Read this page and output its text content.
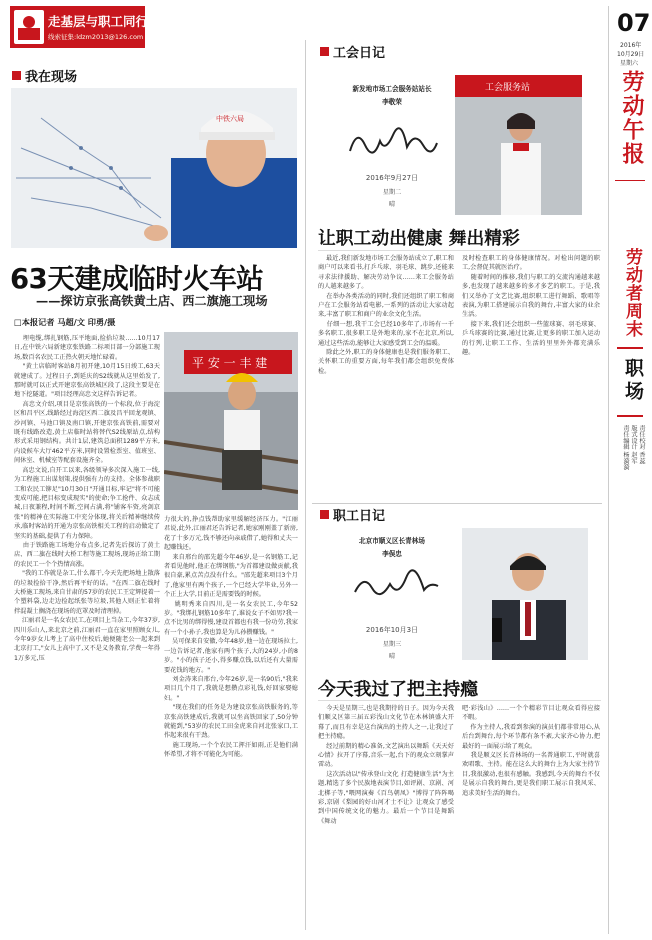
走基层与职工同行
线索征集:ldzm2013@126.com
我在现场
中铁六局
63天建成临时火车站
——探访京张高铁黄土店、西二旗施工现场
□本报记者 马超/文 印勇/摄
埋电缆,绑扎钢筋,压平地面,捡拾垃圾……10月17日,在中铁六局新建京张铁路二标项目部一分部施工现场,数百名农民工正热火朝天地忙碌着。
"黄土店临时客站8月初开建,10月15日竣工,63天就建成了。过程日子,到延庆的S2线就从这里始发了,那时就可以正式开建京张高铁城区段了,这段主要是在地下挖隧道。"项目经理高忠文这样告诉记者。
高忠文介绍,项目是京张高铁的一个标段,位于海淀区和昌平区,线路经过海淀区西二旗及昌平回龙观镇、沙河镇、马池口镇及南口镇,开建京张高铁前,需要对既有线路改造,黄土店临时站将替代S2线原站点,结构形式采用钢结构。共计1层,建筑总面积1289平方米,内设候车大厅462平方米,同时设置检票室、值班室、间休室、机械室等配套设施齐全。
高忠文说,自开工以来,各级领导多次深入施工一线,为工程施工出谋划策,提供强有力的支持。全体参战职工和农民工铆足"10月30日"开通目标,牢记"将不可能变成可能,把目标变成现实"的使命;争工抢件、众志成城,日夜兼程,时间不断,空间占满,将"铺客车资,亮剑京张"的精神在实际施工中充分体现,将关后精神继续传承,临时客站的开通为京张高铁相关工程的启动做定了坚实的基础,提供了有力保障。
由于铁路施工场地分布点多,记者先后探访了黄土店、西二旗在线时大桥工程等施工现场,现场正给工期的农民工一个个热情高涨。
"我的工作就是杂工,什么都干,今天先把场地上散落的垃圾捡拾干净,然后再平好的话。"在西二旗在线时大桥施工现场,来自甘肃的57岁的农民工王定辉提着一个塑料袋,边走边捡起纸张等垃圾,其他人则正忙着将拌混凝土搁浇在现场的范罩及时清理掉。
江丽君是一名女农民工,在项目上当杂工,今年37岁,四川乐山人,来北京之前,江丽君一直在家里照顾女儿,今年9岁女儿考上了高中住校后,她便随老公一起来到北京打工,"女儿上高中了,又不是义务教育,学费一年得1万多元,压
平 安 一 丰 建
力很大的,挣点钱帮助家里缓解经济压力。"江丽君说,此外,江丽君还告诉记者,她家刚刚盖了新房,花了十多万元,钱不够还向亲戚借了,她得和丈夫一起赚钱还。
来自邢台的邵先超今年46岁,是一名钢筋工,记者看见他时,他正在绑钢筋,"为首都建设做贡献,我很自豪,累点苦点没有什么。"邵先超来项目3个月了,他家里有两个孩子,一个已经大学毕业,另外一个正上大学,目前正是需要钱的时候。
姚明秀来自四川,是一名女农民工,今年52岁。"我绑扎钢筋10多年了,谁说女子不如男?我一点不比男的绑得慢,建设首都也有我一份功劳,我家有一个小孙子,我也算是为儿孙攒赚钱。"
吴可保来自安徽,今年48岁,他一边在现场拉土,一边告诉记者,他家有两个孩子,大的24岁,小的8岁。"小的孩子还小,得多赚点钱,以后还有大量需要花钱的地方。"
刘金涛来自邢台,今年26岁,是一名90后,"我来项目几个月了,我就是想攒点彩礼钱,好回家娶媳妇。"
"现在我们的任务是为建设京张高铁服务的,等京张高铁建成后,我就可以坐高铁回家了,50分钟就能到,"53岁的农民工田金虎来自河北张家口,工作起来很有干劲。
施工现场,一个个农民工挥汗如雨,正是他们满怀希望,才将不可能化为可能。
工会日记
新发地市场工会服务站站长
李敬荣
2016年9月27日
星期二
晴
工会服务站
让职工动出健康 舞出精彩
最近,我们新发地市场工会服务站成立了,职工和商户可以来看书,打乒乓球、羽毛球、跳步,还能来寻求法律援助、解决劳动争议……来工会服务站的人越来越多了。
在举办各类活动的同时,我们还组织了职工和商户在工会服务站看电影,一系列的活动让大家动起来,丰富了职工和商户的业余文化生活。
仔细一想,我干工会已经10多年了,市场有一千多名职工,很多职工是外地来的,家不在北京,所以,通过这些活动,能够让大家感受到工会的温暖。
除此之外,职工的身体健康也是我们服务职工、关怀职工的重要方面,每年我们都会组织免费体检。
及时检查职工的身体健康情况。对检出问题的职工,会督促其就医治疗。
随着时间的推移,我们与职工的交流沟通越来越多,也发现了越来越多的多才多艺的职工。于是,我们又举办了文艺比赛,组织职工进行舞蹈、歌唱等表演,为职工搭建展示自我的舞台,丰富大家的业余生活。
接下来,我们还会组织一些篮球赛、羽毛球赛、乒乓球赛的比赛,通过比赛,让更多的职工加入运动的行列,让职工工作、生活的里里外外都充满乐趣。
职工日记
北京市顺义区长青林场
李俣忠
2016年10月3日
星期三
晴
今天我过了把主持瘾
今天是星期三,也是我期待的日子。因为今天我们顺义区第三届五彩浅山文化节在木林镇盛大开幕了,而且有幸是这台演出的主持人之一,让我过了把主持瘾。
经过前期的精心准备,文艺演出以舞蹈《天天好心情》拉开了序幕,音乐一起,台下的观众立刻掌声雷动。
这次活动以"传承登山文化 打造健康生活"为主题,精选了多个民族地表演节目,如评剧、京剧、河北梆子等,"喂网演奏《百鸟朝凤》"博得了阵阵喝彩,京剧《梨园的好山河才士不让》让观众了感受到中国传统文化的魅力。最后一个节目是舞蹈《舞动
吧·彩浅山》……一个个精彩节目让观众看得应接不暇。
作为主持人,我看到参演的演员们都非常用心,从后台到舞台,每个环节都有条不紊,大家齐心协力,把最好的一面展示给了观众。
我是顺义区长青林场的一名普通职工,平时就喜欢唱歌、主持。能在这么大的舞台上为大家主持节目,我很激动,也很有感触。我感到,今天的舞台不仅是展示自我的舞台,更是我们职工展示自我风采、追求美好生活的舞台。
07
2016年
10月29日
星期六
劳动午报
劳动者周末
职场
责任编辑 杨漪漪 版式设计 赵军 责任校对 香蕊
